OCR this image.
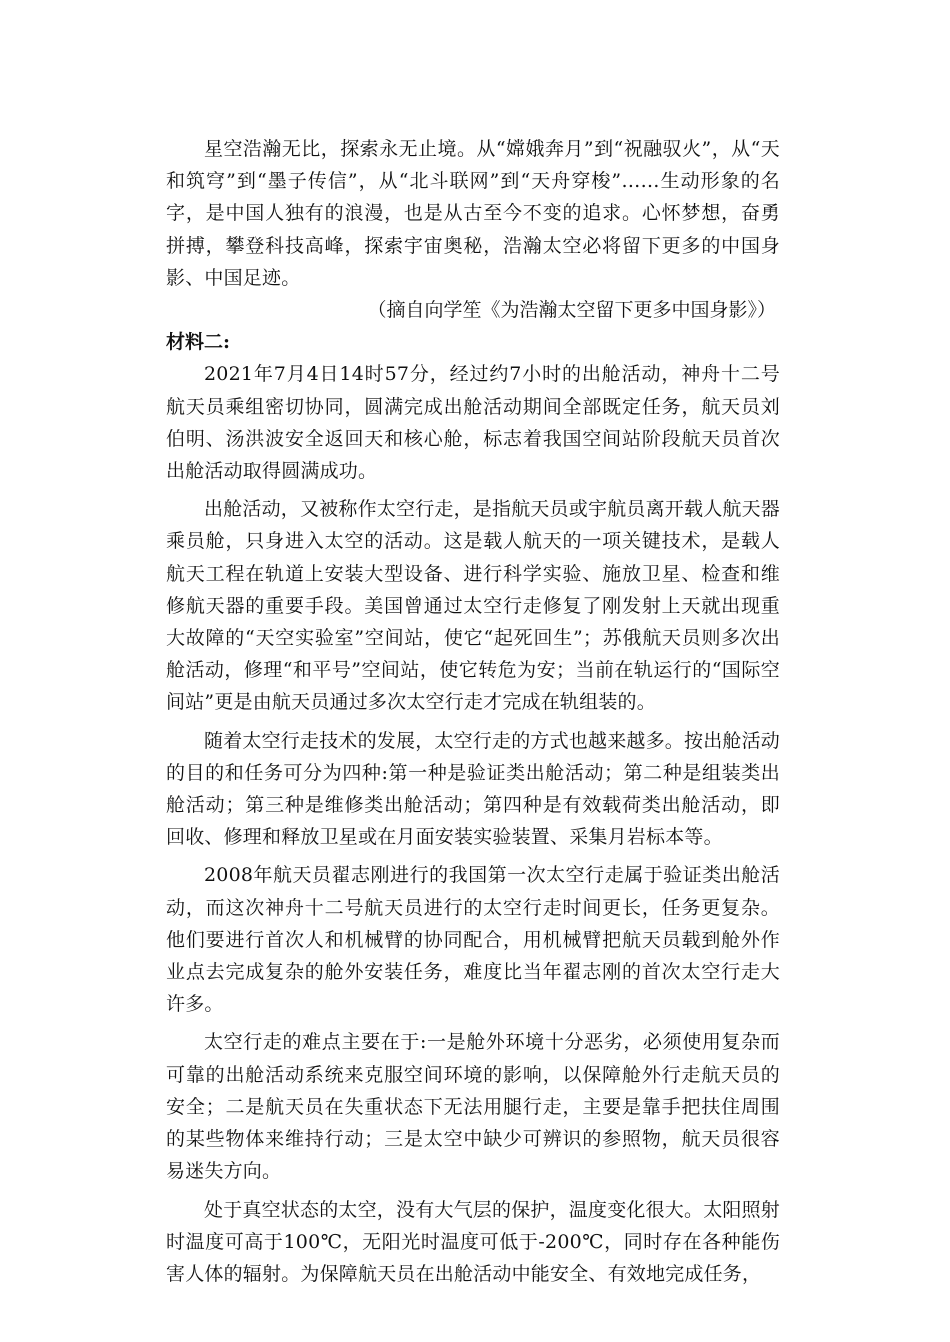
星空浩瀚无比，探索永无止境。从“嫦娥奔月”到“祝融驭火”，从“天和筑穹”到“墨子传信”，从“北斗联网”到“天舟穿梭”……生动形象的名字，是中国人独有的浪漫，也是从古至今不变的追求。心怀梦想，奋勇拼搏，攀登科技高峰，探索宇宙奥秘，浩瀚太空必将留下更多的中国身影、中国足迹。

（摘自向学笙《为浩瀚太空留下更多中国身影》）

材料二:

2021年7月4日14时57分，经过约7小时的出舱活动，神舟十二号航天员乘组密切协同，圆满完成出舱活动期间全部既定任务，航天员刘伯明、汤洪波安全返回天和核心舱，标志着我国空间站阶段航天员首次出舱活动取得圆满成功。

出舱活动，又被称作太空行走，是指航天员或宇航员离开载人航天器乘员舱，只身进入太空的活动。这是载人航天的一项关键技术，是载人航天工程在轨道上安装大型设备、进行科学实验、施放卫星、检查和维修航天器的重要手段。美国曾通过太空行走修复了刚发射上天就出现重大故障的“天空实验室”空间站，使它“起死回生”；苏俄航天员则多次出舱活动，修理“和平号”空间站，使它转危为安；当前在轨运行的“国际空间站”更是由航天员通过多次太空行走才完成在轨组装的。

随着太空行走技术的发展，太空行走的方式也越来越多。按出舱活动的目的和任务可分为四种:第一种是验证类出舱活动；第二种是组装类出舱活动；第三种是维修类出舱活动；第四种是有效载荷类出舱活动，即回收、修理和释放卫星或在月面安装实验装置、采集月岩标本等。

2008年航天员翟志刚进行的我国第一次太空行走属于验证类出舱活动，而这次神舟十二号航天员进行的太空行走时间更长，任务更复杂。他们要进行首次人和机械臂的协同配合，用机械臂把航天员载到舱外作业点去完成复杂的舱外安装任务，难度比当年翟志刚的首次太空行走大许多。

太空行走的难点主要在于:一是舱外环境十分恶劣，必须使用复杂而可靠的出舱活动系统来克服空间环境的影响，以保障舱外行走航天员的安全；二是航天员在失重状态下无法用腿行走，主要是靠手把扶住周围的某些物体来维持行动；三是太空中缺少可辨识的参照物，航天员很容易迷失方向。

处于真空状态的太空，没有大气层的保护，温度变化很大。太阳照射时温度可高于100℃，无阳光时温度可低于-200℃，同时存在各种能伤害人体的辐射。为保障航天员在出舱活动中能安全、有效地完成任务，
